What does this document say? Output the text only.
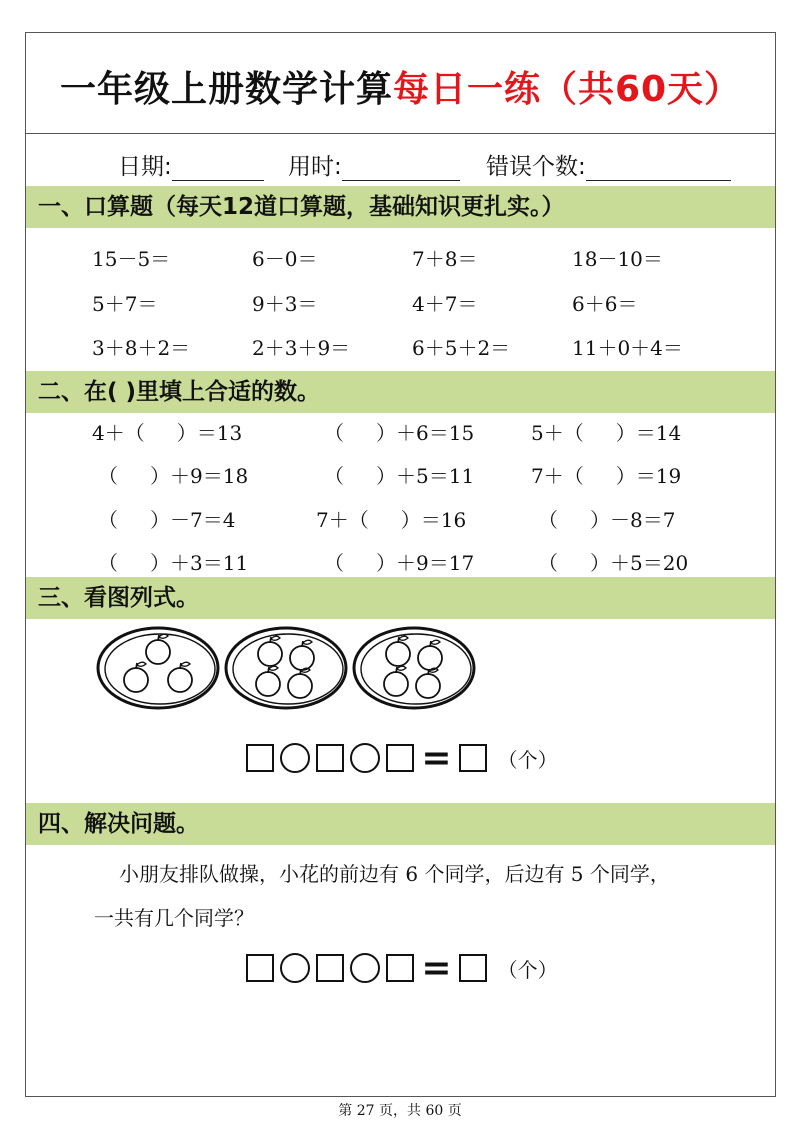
一年级上册数学计算每日一练（共60天）
日期:	用时:	错误个数:
一、口算题（每天12道口算题，基础知识更扎实。）
15－5＝	6－0＝	7＋8＝	18－10＝
5＋7＝	9＋3＝	4＋7＝	6＋6＝
3＋8＋2＝	2＋3＋9＝	6＋5＋2＝	11＋0＋4＝
二、在( )里填上合适的数。
4＋（ ）＝13	（ ）＋6＝15	5＋（ ）＝14
（ ）＋9＝18	（ ）＋5＝11	7＋（ ）＝19
（ ）－7＝4	7＋（ ）＝16	（ ）－8＝7
（ ）＋3＝11	（ ）＋9＝17	（ ）＋5＝20
三、看图列式。
= （个）
四、解决问题。
小朋友排队做操，小花的前边有 6 个同学，后边有 5 个同学，
一共有几个同学？
= （个）
第 27 页，共 60 页
